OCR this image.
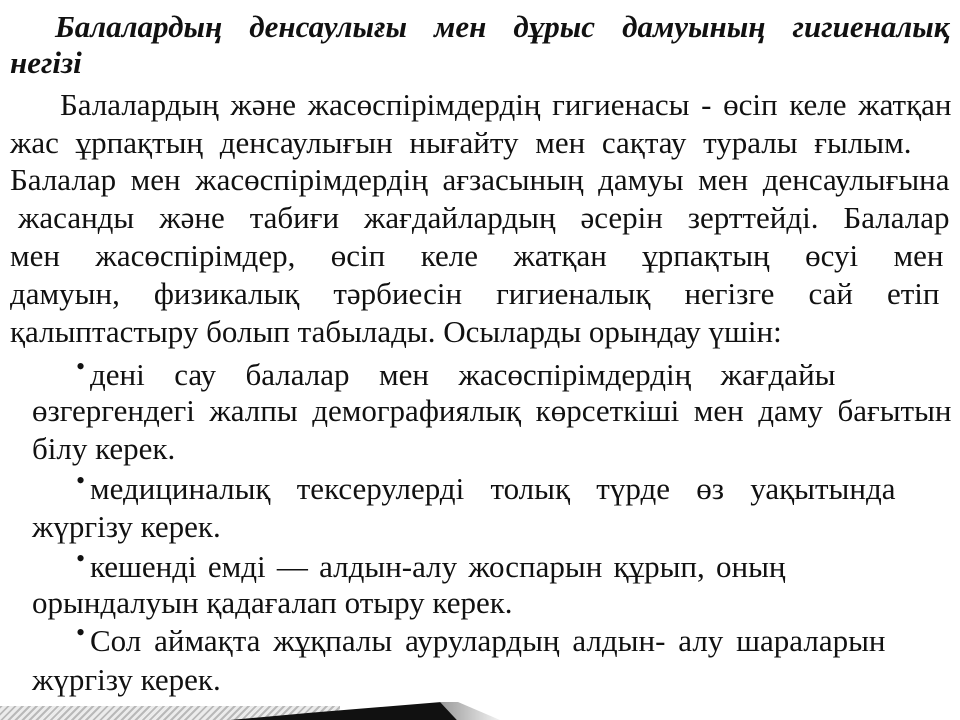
Балалардың денсаулығы мен дұрыс дамуының гигиеналық
негізі
Балалардың және жасөспірімдердің гигиенасы - өсіп келе жатқан
жас ұрпақтың денсаулығын нығайту мен сақтау туралы ғылым.
Балалар мен жасөспірімдердің ағзасының дамуы мен денсаулығына
жасанды және табиғи жағдайлардың әсерін зерттейді. Балалар
мен жасөспірімдер, өсіп келе жатқан ұрпақтың өсуі мен
дамуын, физикалық тәрбиесін гигиеналық негізге сай етіп
қалыптастыру болып табылады. Осыларды орындау үшін:
• дені сау балалар мен жасөспірімдердің жағдайы
өзгергендегі жалпы демографиялық көрсеткіші мен даму бағытын
білу керек.
• медициналық тексерулерді толық түрде өз уақытында
жүргізу керек.
• кешенді емді — алдын-алу жоспарын құрып, оның
орындалуын қадағалап отыру керек.
• Сол аймақта жұқпалы аурулардың алдын- алу шараларын
жүргізу керек.
